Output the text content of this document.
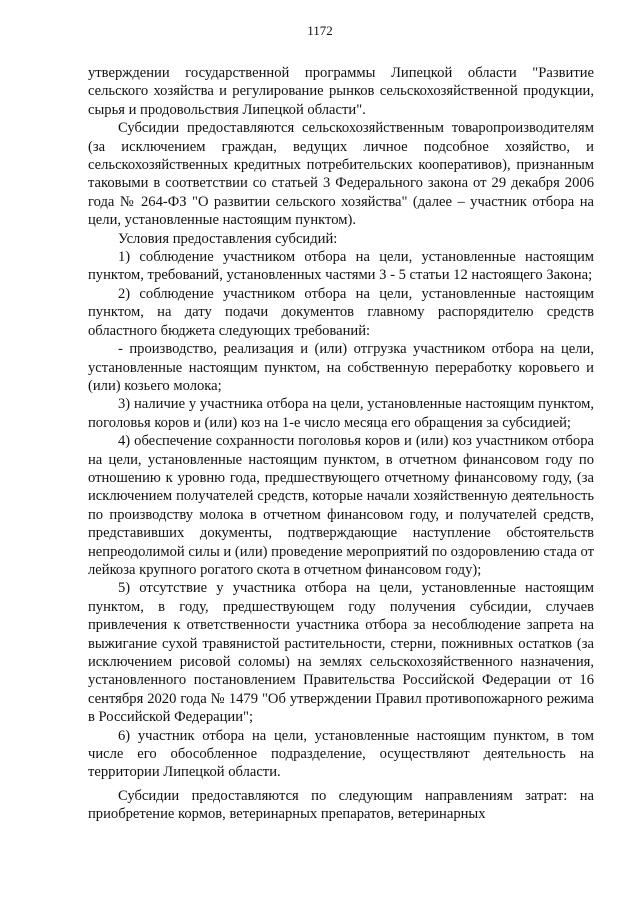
1172

утверждении государственной программы Липецкой области "Развитие сельского хозяйства и регулирование рынков сельскохозяйственной продукции, сырья и продовольствия Липецкой области".

Субсидии предоставляются сельскохозяйственным товаропроизводителям (за исключением граждан, ведущих личное подсобное хозяйство, и сельскохозяйственных кредитных потребительских кооперативов), признанным таковыми в соответствии со статьей 3 Федерального закона от 29 декабря 2006 года № 264-ФЗ "О развитии сельского хозяйства" (далее – участник отбора на цели, установленные настоящим пунктом).

Условия предоставления субсидий:

1) соблюдение участником отбора на цели, установленные настоящим пунктом, требований, установленных частями 3 - 5 статьи 12 настоящего Закона;

2) соблюдение участником отбора на цели, установленные настоящим пунктом, на дату подачи документов главному распорядителю средств областного бюджета следующих требований:

- производство, реализация и (или) отгрузка участником отбора на цели, установленные настоящим пунктом, на собственную переработку коровьего и (или) козьего молока;

3) наличие у участника отбора на цели, установленные настоящим пунктом, поголовья коров и (или) коз на 1-е число месяца его обращения за субсидией;

4) обеспечение сохранности поголовья коров и (или) коз участником отбора на цели, установленные настоящим пунктом, в отчетном финансовом году по отношению к уровню года, предшествующего отчетному финансовому году, (за исключением получателей средств, которые начали хозяйственную деятельность по производству молока в отчетном финансовом году, и получателей средств, представивших документы, подтверждающие наступление обстоятельств непреодолимой силы и (или) проведение мероприятий по оздоровлению стада от лейкоза крупного рогатого скота в отчетном финансовом году);

5) отсутствие у участника отбора на цели, установленные настоящим пунктом, в году, предшествующем году получения субсидии, случаев привлечения к ответственности участника отбора за несоблюдение запрета на выжигание сухой травянистой растительности, стерни, пожнивных остатков (за исключением рисовой соломы) на землях сельскохозяйственного назначения, установленного постановлением Правительства Российской Федерации от 16 сентября 2020 года № 1479 "Об утверждении Правил противопожарного режима в Российской Федерации";

6) участник отбора на цели, установленные настоящим пунктом, в том числе его обособленное подразделение, осуществляют деятельность на территории Липецкой области.

Субсидии предоставляются по следующим направлениям затрат: на приобретение кормов, ветеринарных препаратов, ветеринарных
